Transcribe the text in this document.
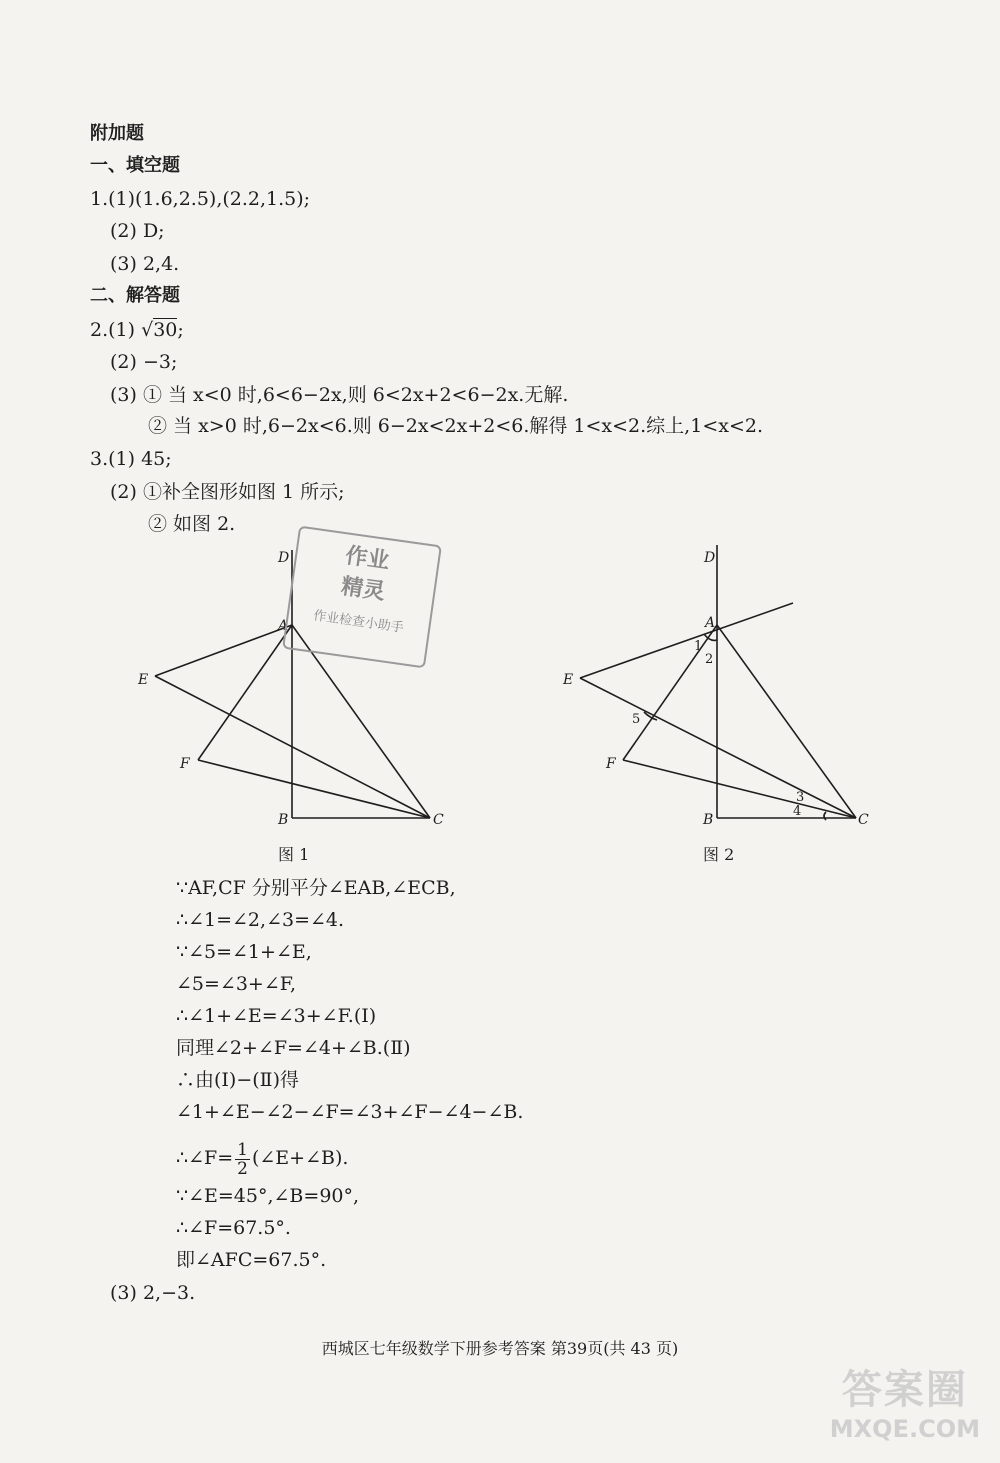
附加题
一、填空题
1.(1)(1.6,2.5),(2.2,1.5);
(2) D;
(3) 2,4.
二、解答题
2.(1) √30;
(2) −3;
(3) ① 当 x<0 时,6<6−2x,则 6<2x+2<6−2x.无解.
② 当 x>0 时,6−2x<6.则 6−2x<2x+2<6.解得 1<x<2.综上,1<x<2.
3.(1) 45;
(2) ①补全图形如图 1 所示;
② 如图 2.
D
A
E
F
B	C
图 1
作业
精灵
作业检查小助手
D
A
E
F
B	C
1
2
3
4
5
图 2
∵AF,CF 分别平分∠EAB,∠ECB,
∴∠1=∠2,∠3=∠4.
∵∠5=∠1+∠E,
∠5=∠3+∠F,
∴∠1+∠E=∠3+∠F.(Ⅰ)
同理∠2+∠F=∠4+∠B.(Ⅱ)
∴由(Ⅰ)−(Ⅱ)得
∠1+∠E−∠2−∠F=∠3+∠F−∠4−∠B.
∴∠F= $\frac{1}{2}$ (∠E+∠B).
∵∠E=45°,∠B=90°,
∴∠F=67.5°.
即∠AFC=67.5°.
(3) 2,−3.
西城区七年级数学下册参考答案 第39页(共 43 页)
答案圈
MXQE.COM
